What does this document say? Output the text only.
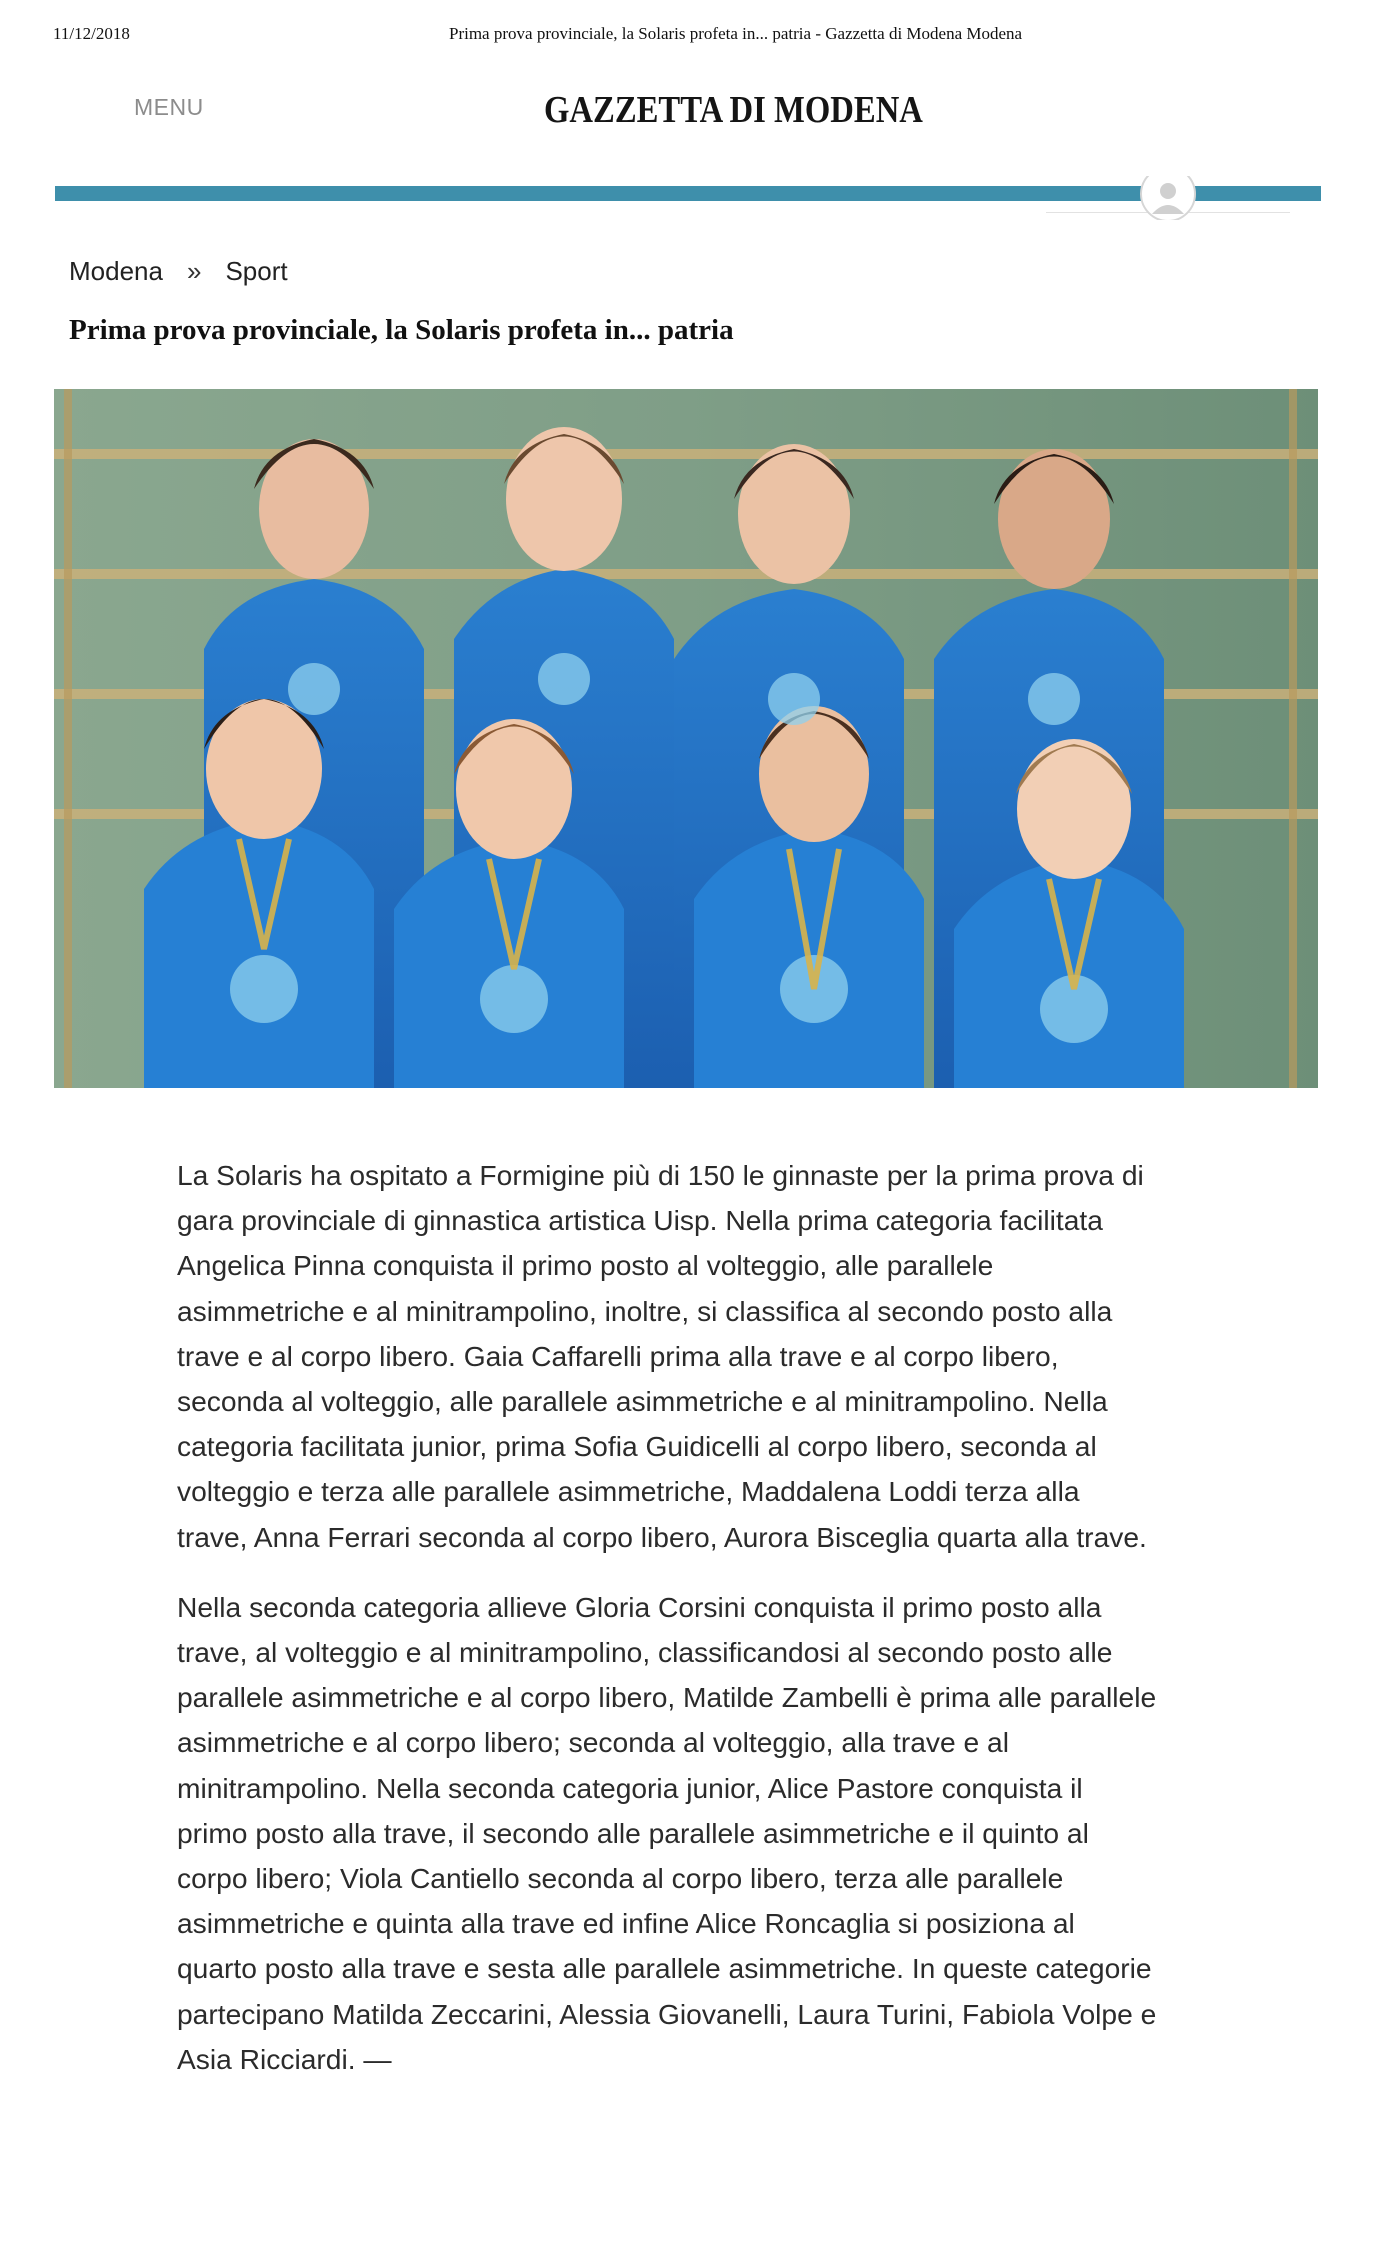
11/12/2018	Prima prova provinciale, la Solaris profeta in... patria - Gazzetta di Modena Modena
MENU	GAZZETTA DI MODENA
Modena » Sport
Prima prova provinciale, la Solaris profeta in... patria

La Solaris ha ospitato a Formigine più di 150 le ginnaste per la prima prova di gara provinciale di ginnastica artistica Uisp. Nella prima categoria facilitata Angelica Pinna conquista il primo posto al volteggio, alle parallele asimmetriche e al minitrampolino, inoltre, si classifica al secondo posto alla trave e al corpo libero. Gaia Caffarelli prima alla trave e al corpo libero, seconda al volteggio, alle parallele asimmetriche e al minitrampolino. Nella categoria facilitata junior, prima Sofia Guidicelli al corpo libero, seconda al volteggio e terza alle parallele asimmetriche, Maddalena Loddi terza alla trave, Anna Ferrari seconda al corpo libero, Aurora Bisceglia quarta alla trave.

Nella seconda categoria allieve Gloria Corsini conquista il primo posto alla trave, al volteggio e al minitrampolino, classificandosi al secondo posto alle parallele asimmetriche e al corpo libero, Matilde Zambelli è prima alle parallele asimmetriche e al corpo libero; seconda al volteggio, alla trave e al minitrampolino. Nella seconda categoria junior, Alice Pastore conquista il primo posto alla trave, il secondo alle parallele asimmetriche e il quinto al corpo libero; Viola Cantiello seconda al corpo libero, terza alle parallele asimmetriche e quinta alla trave ed infine Alice Roncaglia si posiziona al quarto posto alla trave e sesta alle parallele asimmetriche. In queste categorie partecipano Matilda Zeccarini, Alessia Giovanelli, Laura Turini, Fabiola Volpe e Asia Ricciardi. —
